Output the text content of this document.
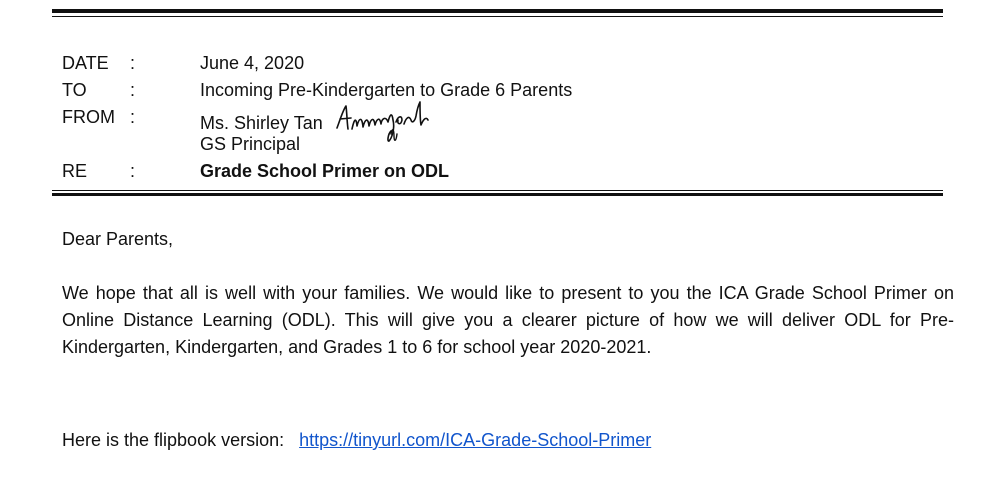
DATE :	June 4, 2020
TO :	Incoming Pre-Kindergarten to Grade 6 Parents
FROM :	Ms. Shirley Tan
GS Principal
RE :	Grade School Primer on ODL
Dear Parents,
We hope that all is well with your families. We would like to present to you the ICA Grade School Primer on Online Distance Learning (ODL). This will give you a clearer picture of how we will deliver ODL for Pre-Kindergarten, Kindergarten, and Grades 1 to 6 for school year 2020-2021.
Here is the flipbook version: https://tinyurl.com/ICA-Grade-School-Primer
